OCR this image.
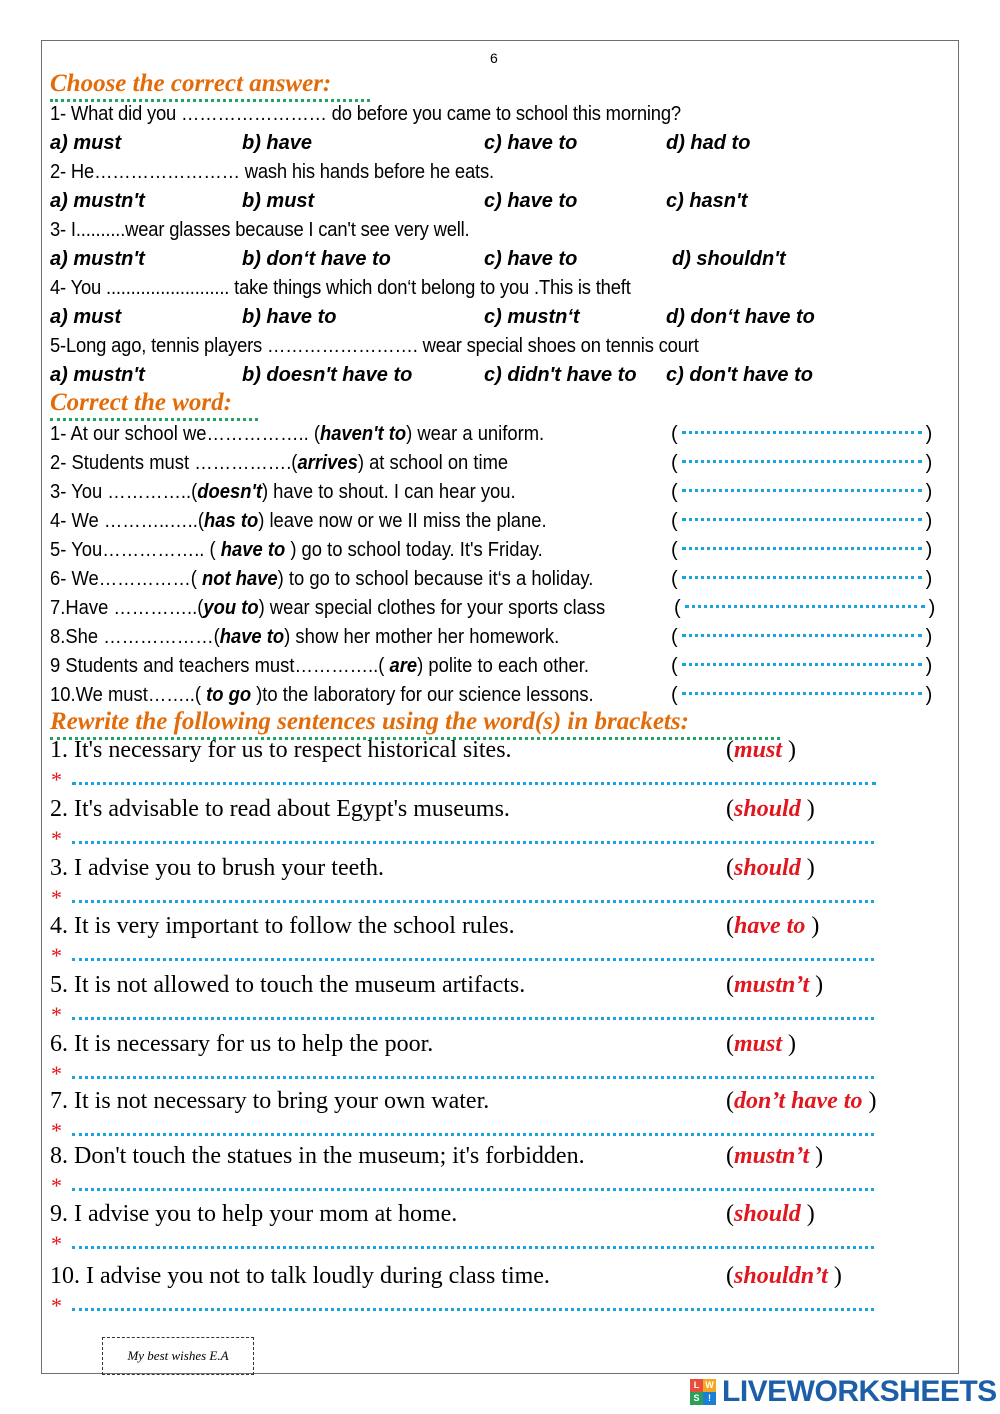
6
Choose the correct answer:
1- What did you …………………… do before you came to school this morning?
a) must	b) have	c) have to	d) had to
2- He…………………… wash his hands before he eats.
a) mustn't	b) must	c) have to	c) hasn't
3- I..........wear glasses because I can't see very well.
a) mustn't	b) don‘t have to	c) have to	d) shouldn't
4- You ......................... take things which don‘t belong to you .This is theft
a) must	b) have to	c) mustn‘t	d) don‘t have to
5-Long ago, tennis players ……………………. wear special shoes on tennis court
a) mustn't	b) doesn't have to	c) didn't have to c) don't have to
Correct the word:
1- At our school we…………….. (haven't to) wear a uniform.	(	)
2- Students must …………….(arrives) at school on time	(	)
3- You …………..(doesn't) have to shout. I can hear you.	(	)
4- We ………..…..(has to) leave now or we II miss the plane.	(	)
5- You…………….. ( have to ) go to school today. It's Friday.	(	)
6- We……………( not have) to go to school because it‘s a holiday.	(	)
7.Have …………..(you to) wear special clothes for your sports class	(	)
8.She ………………(have to) show her mother her homework.	(	)
9 Students and teachers must…………..( are) polite to each other.	(	)
10.We must……..( to go )to the laboratory for our science lessons.	(	)
Rewrite the following sentences using the word(s) in brackets:
1. It's necessary for us to respect historical sites.	(must )
*
2. It's advisable to read about Egypt's museums.	(should )
*
3. I advise you to brush your teeth.	(should )
*
4. It is very important to follow the school rules.	(have to )
*
5. It is not allowed to touch the museum artifacts.	(mustn’t )
*
6. It is necessary for us to help the poor.	(must )
*
7. It is not necessary to bring your own water.	(don’t have to )
*
8. Don't touch the statues in the museum; it's forbidden.	(mustn’t )
*
9. I advise you to help your mom at home.	(should )
*
10. I advise you not to talk loudly during class time.	(shouldn’t )
*
My best wishes E.A
L W
S ! LIVEWORKSHEETS
